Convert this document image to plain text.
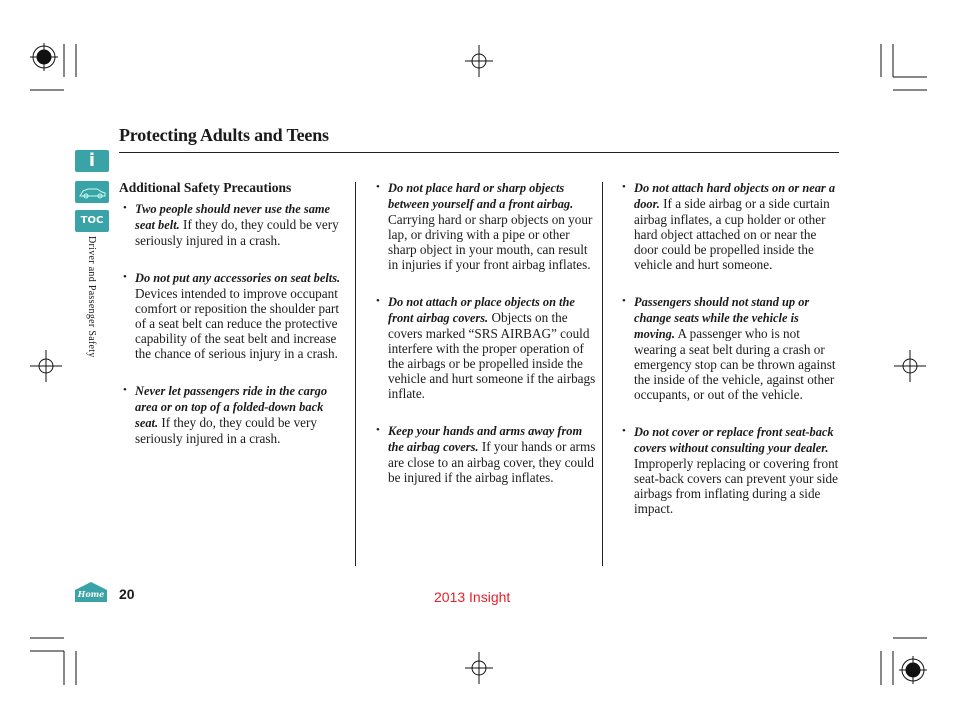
Protecting Adults and Teens
i
TOC
Driver and Passenger Safety
Additional Safety Precautions
• Two people should never use the same seat belt. If they do, they could be very seriously injured in a crash.
• Do not put any accessories on seat belts. Devices intended to improve occupant comfort or reposition the shoulder part of a seat belt can reduce the protective capability of the seat belt and increase the chance of serious injury in a crash.
• Never let passengers ride in the cargo area or on top of a folded-down back seat. If they do, they could be very seriously injured in a crash.
• Do not place hard or sharp objects between yourself and a front airbag. Carrying hard or sharp objects on your lap, or driving with a pipe or other sharp object in your mouth, can result in injuries if your front airbag inflates.
• Do not attach or place objects on the front airbag covers. Objects on the covers marked “SRS AIRBAG” could interfere with the proper operation of the airbags or be propelled inside the vehicle and hurt someone if the airbags inflate.
• Keep your hands and arms away from the airbag covers. If your hands or arms are close to an airbag cover, they could be injured if the airbag inflates.
• Do not attach hard objects on or near a door. If a side airbag or a side curtain airbag inflates, a cup holder or other hard object attached on or near the door could be propelled inside the vehicle and hurt someone.
• Passengers should not stand up or change seats while the vehicle is moving. A passenger who is not wearing a seat belt during a crash or emergency stop can be thrown against the inside of the vehicle, against other occupants, or out of the vehicle.
• Do not cover or replace front seat-back covers without consulting your dealer. Improperly replacing or covering front seat-back covers can prevent your side airbags from inflating during a side impact.
Home	20	2013 Insight
